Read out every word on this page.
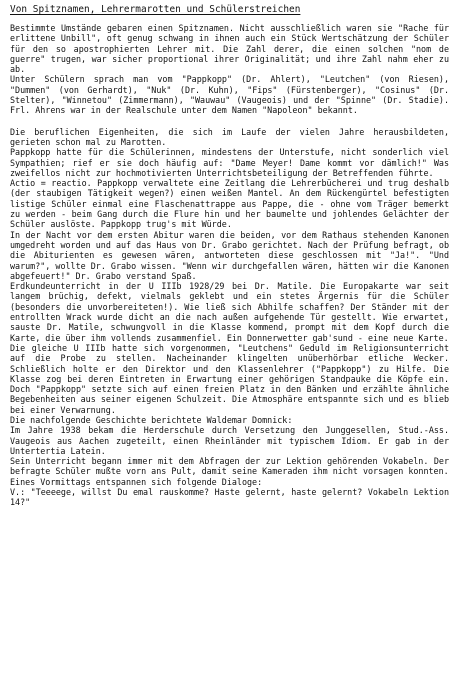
Von Spitznamen, Lehrermarotten und Schülerstreichen

Bestimmte Umstände gebaren einen Spitznamen. Nicht ausschließlich waren sie "Rache für erlittene Unbill", oft genug schwang in ihnen auch ein Stück Wertschätzung der Schüler für den so apostrophierten Lehrer mit. Die Zahl derer, die einen solchen "nom de guerre" trugen, war sicher proportional ihrer Originalität; und ihre Zahl nahm eher zu ab.

Unter Schülern sprach man vom "Pappkopp" (Dr. Ahlert), "Leutchen" (von Riesen), "Dummen" (von Gerhardt), "Nuk" (Dr. Kuhn), "Fips" (Fürstenberger), "Cosinus" (Dr. Stelter), "Winnetou" (Zimmermann), "Wauwau" (Vaugeois) und der "Spinne" (Dr. Stadie). Frl. Ahrens war in der Realschule unter dem Namen "Napoleon" bekannt.

Die beruflichen Eigenheiten, die sich im Laufe der vielen Jahre herausbildeten, gerieten schon mal zu Marotten.

Pappkopp hatte für die Schülerinnen, mindestens der Unterstufe, nicht sonderlich viel Sympathien; rief er sie doch häufig auf: "Dame Meyer! Dame kommt vor dämlich!" Was zweifellos nicht zur hochmotivierten Unterrichtsbeteiligung der Betreffenden führte.

Actio = reactio. Pappkopp verwaltete eine Zeitlang die Lehrerbücherei und trug deshalb (der staubigen Tätigkeit wegen?) einen weißen Mantel. An dem Rückengürtel befestigten listige Schüler einmal eine Flaschenattrappe aus Pappe, die - ohne vom Träger bemerkt zu werden - beim Gang durch die Flure hin und her baumelte und johlendes Gelächter der Schüler auslöste. Pappkopp trug's mit Würde.

In der Nacht vor dem ersten Abitur waren die beiden, vor dem Rathaus stehenden Kanonen umgedreht worden und auf das Haus von Dr. Grabo gerichtet. Nach der Prüfung befragt, ob die Abiturienten es gewesen wären, antworteten diese geschlossen mit "Ja!". "Und warum?", wollte Dr. Grabo wissen. "Wenn wir durchgefallen wären, hätten wir die Kanonen abgefeuert!" Dr. Grabo verstand Spaß.

Erdkundeunterricht in der U IIIb 1928/29 bei Dr. Matile. Die Europakarte war seit langem brüchig, defekt, vielmals geklebt und ein stetes Ärgernis für die Schüler (besonders die unvorbereiteten!). Wie ließ sich Abhilfe schaffen? Der Ständer mit der entrollten Wrack wurde dicht an die nach außen aufgehende Tür gestellt. Wie erwartet, sauste Dr. Matile, schwungvoll in die Klasse kommend, prompt mit dem Kopf durch die Karte, die über ihm vollends zusammenfiel. Ein Donnerwetter gab'sund - eine neue Karte.

Die gleiche U IIIb hatte sich vorgenommen, "Leutchens" Geduld im Religionsunterricht auf die Probe zu stellen. Nacheinander klingelten unüberhörbar etliche Wecker. Schließlich holte er den Direktor und den Klassenlehrer ("Pappkopp") zu Hilfe. Die Klasse zog bei deren Eintreten in Erwartung einer gehörigen Standpauke die Köpfe ein. Doch "Pappkopp" setzte sich auf einen freien Platz in den Bänken und erzählte ähnliche Begebenheiten aus seiner eigenen Schulzeit. Die Atmosphäre entspannte sich und es blieb bei einer Verwarnung.

Die nachfolgende Geschichte berichtete Waldemar Domnick:

Im Jahre 1938 bekam die Herderschule durch Versetzung den Junggesellen, Stud.-Ass. Vaugeois aus Aachen zugeteilt, einen Rheinländer mit typischem Idiom. Er gab in der Untertertia Latein.

Sein Unterricht begann immer mit dem Abfragen der zur Lektion gehörenden Vokabeln. Der befragte Schüler mußte vorn ans Pult, damit seine Kameraden ihm nicht vorsagen konnten.

Eines Vormittags entspannen sich folgende Dialoge:

V.: "Teeeege, willst Du emal rauskomme? Haste gelernt, haste gelernt? Vokabeln Lektion 14?"
